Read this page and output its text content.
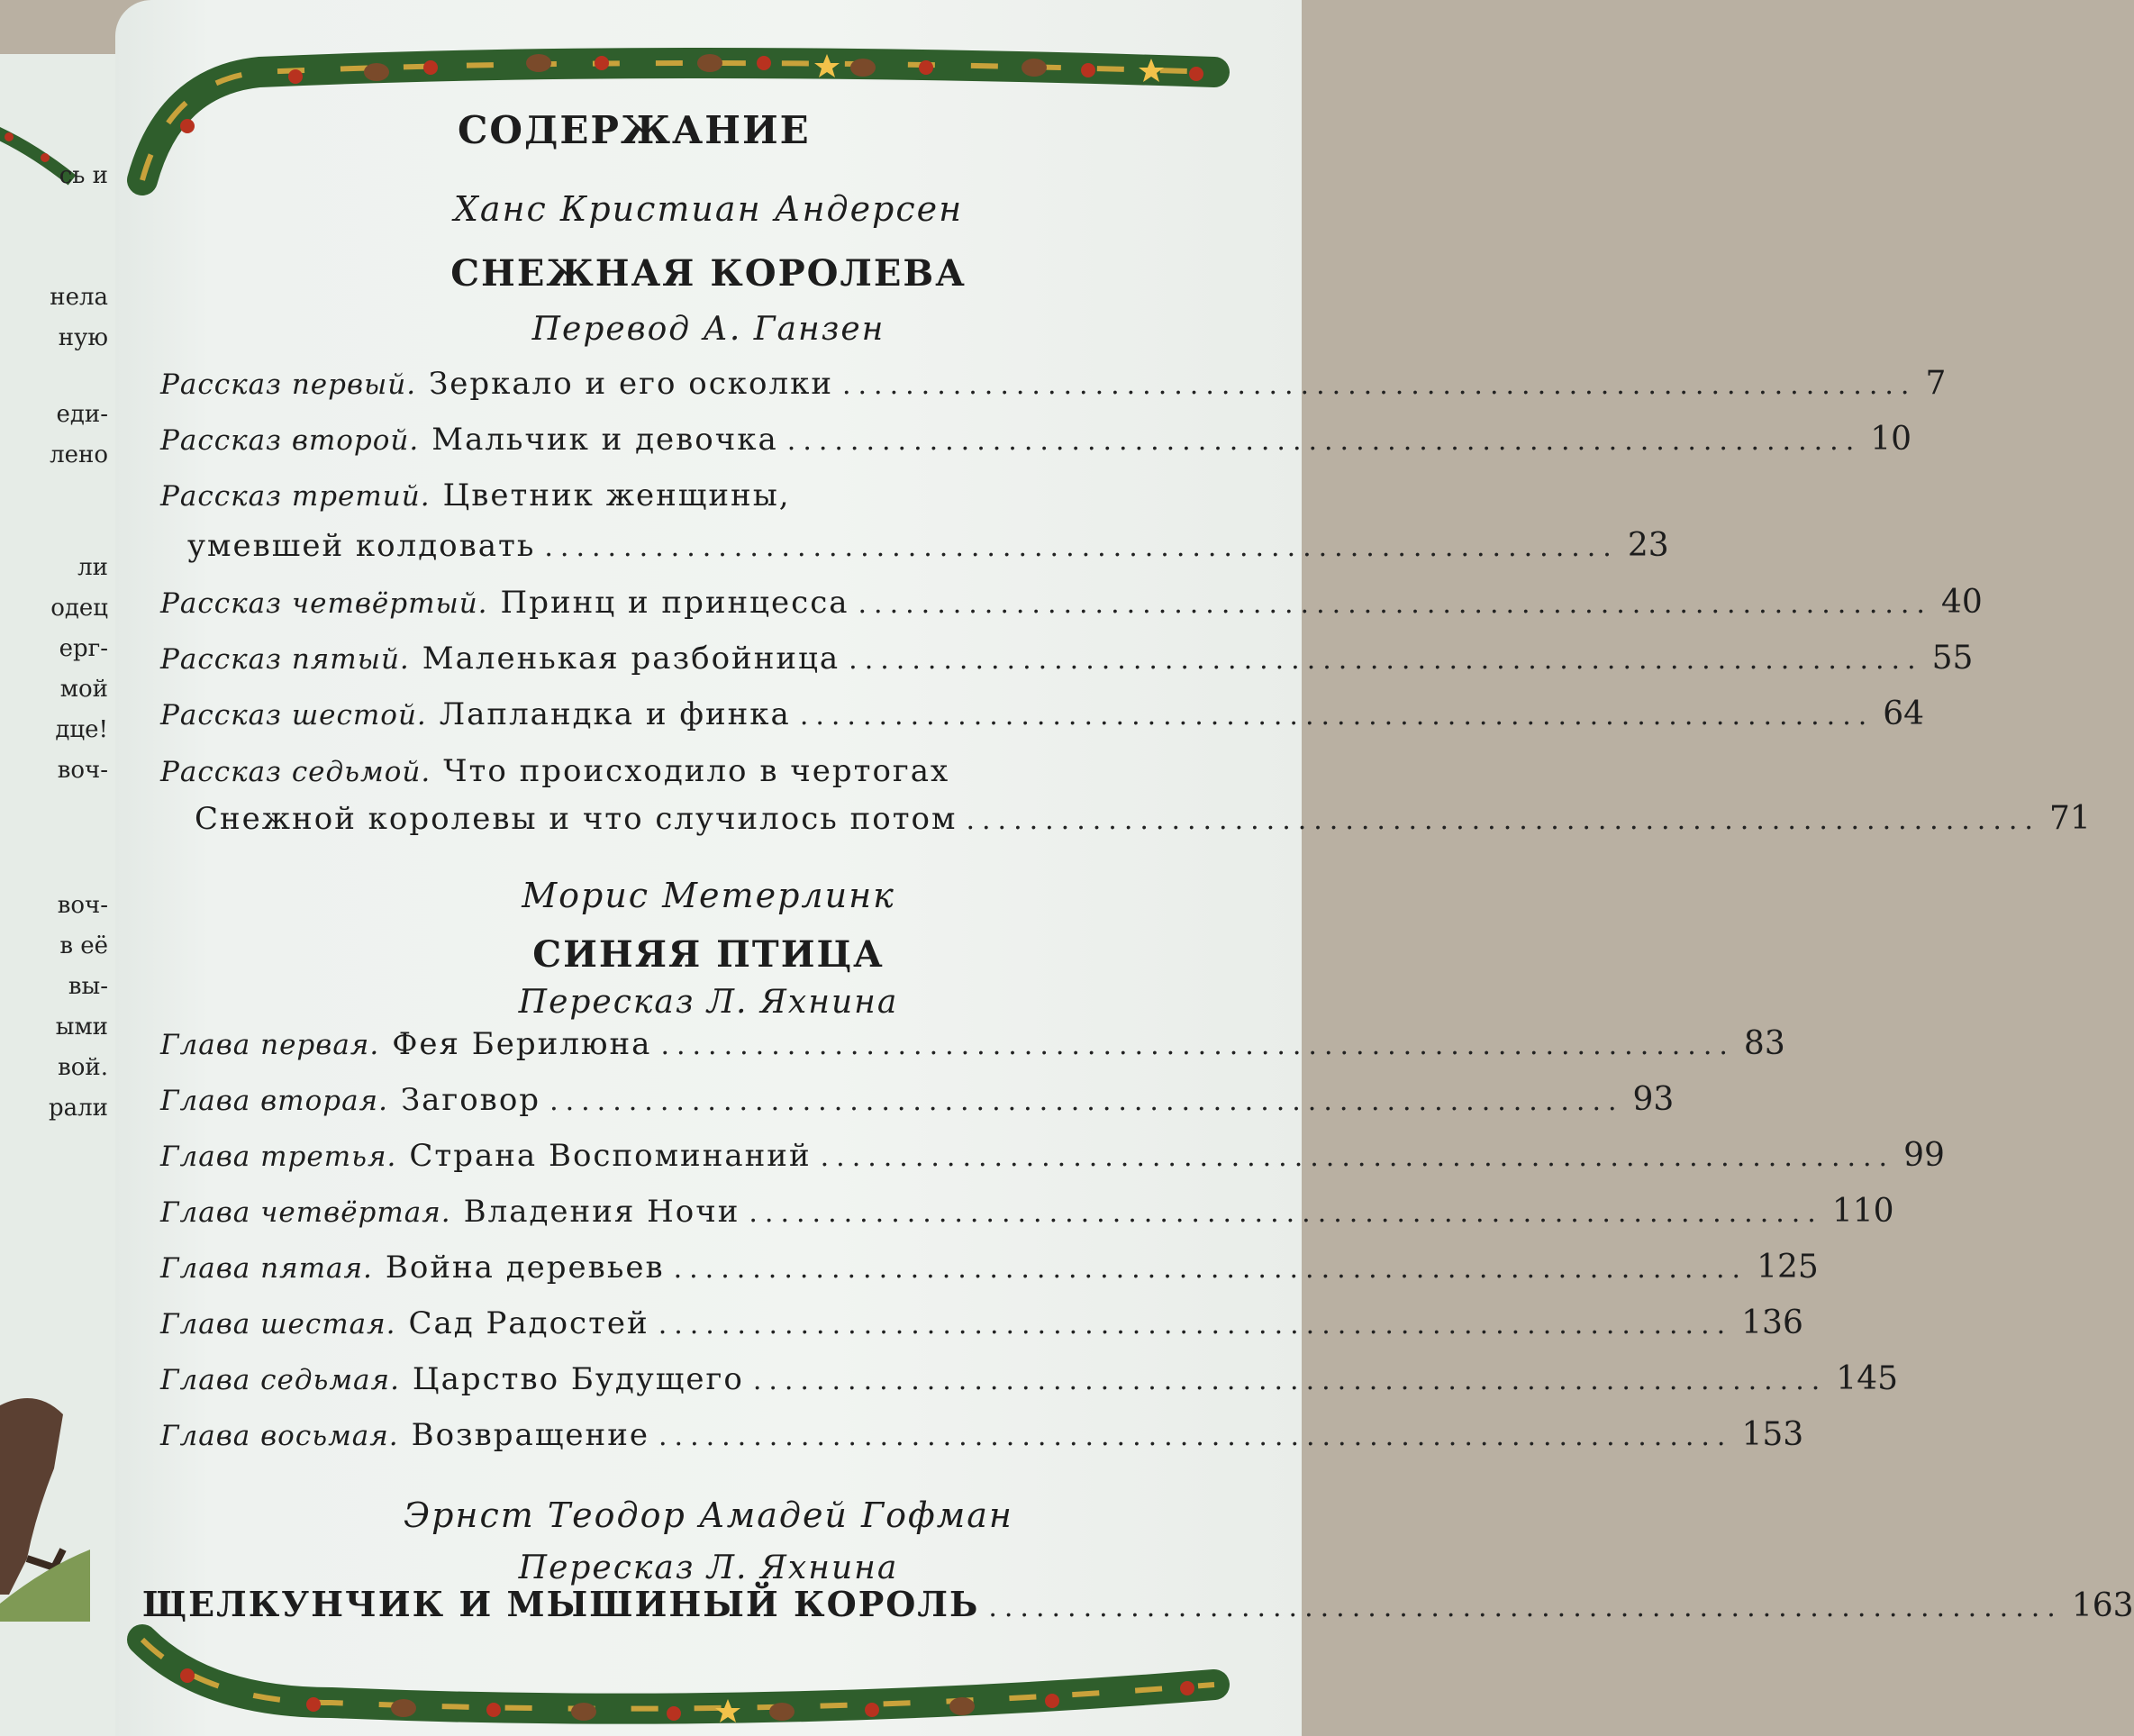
сь и
нела
ную
еди-
лено
ли
одец
ерг-
мой
дце!
воч-
воч-
в её
вы-
ыми
вой.
рали
СОДЕРЖАНИЕ
Ханс Кристиан Андерсен
СНЕЖНАЯ КОРОЛЕВА
Перевод А. Ганзен
Рассказ первый. Зеркало и его осколки .................................................................... 7
Рассказ второй. Мальчик и девочка .................................................................... 10
Рассказ третий. Цветник женщины,
умевшей колдовать .................................................................... 23
Рассказ четвёртый. Принц и принцесса .................................................................... 40
Рассказ пятый. Маленькая разбойница .................................................................... 55
Рассказ шестой. Лапландка и финка .................................................................... 64
Рассказ седьмой. Что происходило в чертогах
Снежной королевы и что случилось потом .................................................................... 71
Морис Метерлинк
СИНЯЯ ПТИЦА
Пересказ Л. Яхнина
Глава первая. Фея Берилюна .................................................................... 83
Глава вторая. Заговор .................................................................... 93
Глава третья. Страна Воспоминаний .................................................................... 99
Глава четвёртая. Владения Ночи .................................................................... 110
Глава пятая. Война деревьев .................................................................... 125
Глава шестая. Сад Радостей .................................................................... 136
Глава седьмая. Царство Будущего .................................................................... 145
Глава восьмая. Возвращение .................................................................... 153
Эрнст Теодор Амадей Гофман
Пересказ Л. Яхнина
ЩЕЛКУНЧИК И МЫШИНЫЙ КОРОЛЬ .................................................................... 163
